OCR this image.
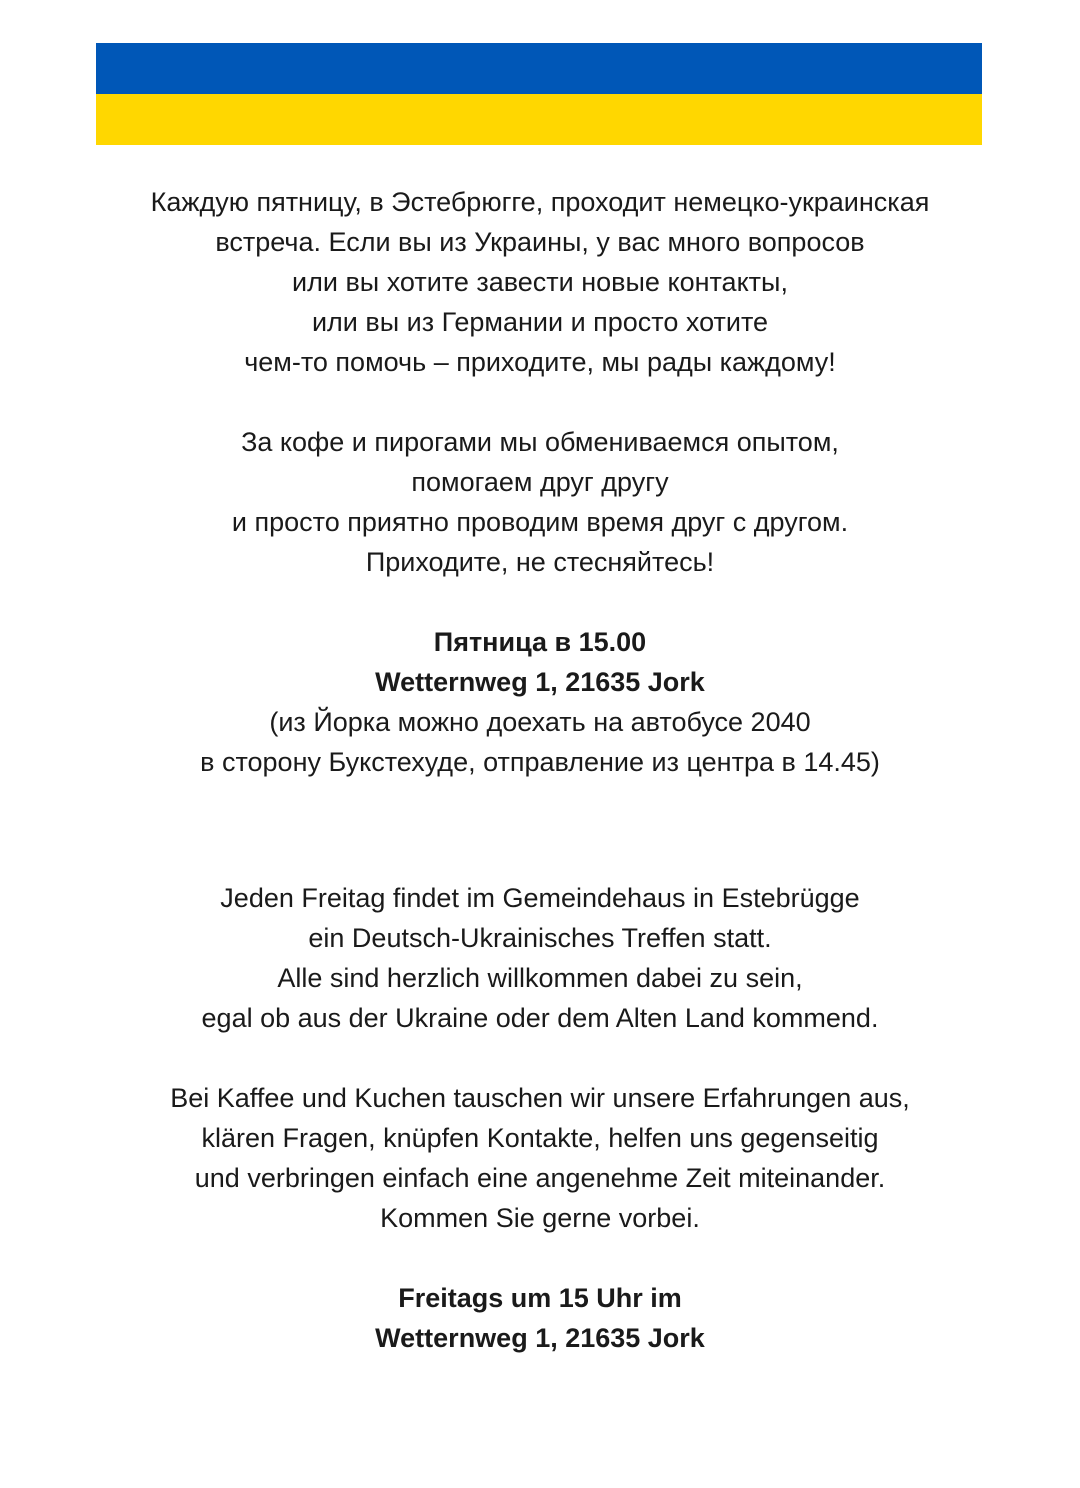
Каждую пятницу, в Эстебрюгге, проходит немецко-украинская
встреча. Если вы из Украины, у вас много вопросов
или вы хотите завести новые контакты,
или вы из Германии и просто хотите
чем-то помочь – приходите, мы рады каждому!
За кофе и пирогами мы обмениваемся опытом,
помогаем друг другу
и просто приятно проводим время друг с другом.
Приходите, не стесняйтесь!
Пятница в 15.00
Wetternweg 1, 21635 Jork
(из Йорка можно доехать на автобусе 2040
в сторону Букстехуде, отправление из центра в 14.45)
Jeden Freitag findet im Gemeindehaus in Estebrügge
ein Deutsch-Ukrainisches Treffen statt.
Alle sind herzlich willkommen dabei zu sein,
egal ob aus der Ukraine oder dem Alten Land kommend.
Bei Kaffee und Kuchen tauschen wir unsere Erfahrungen aus,
klären Fragen, knüpfen Kontakte, helfen uns gegenseitig
und verbringen einfach eine angenehme Zeit miteinander.
Kommen Sie gerne vorbei.
Freitags um 15 Uhr im
Wetternweg 1, 21635 Jork
